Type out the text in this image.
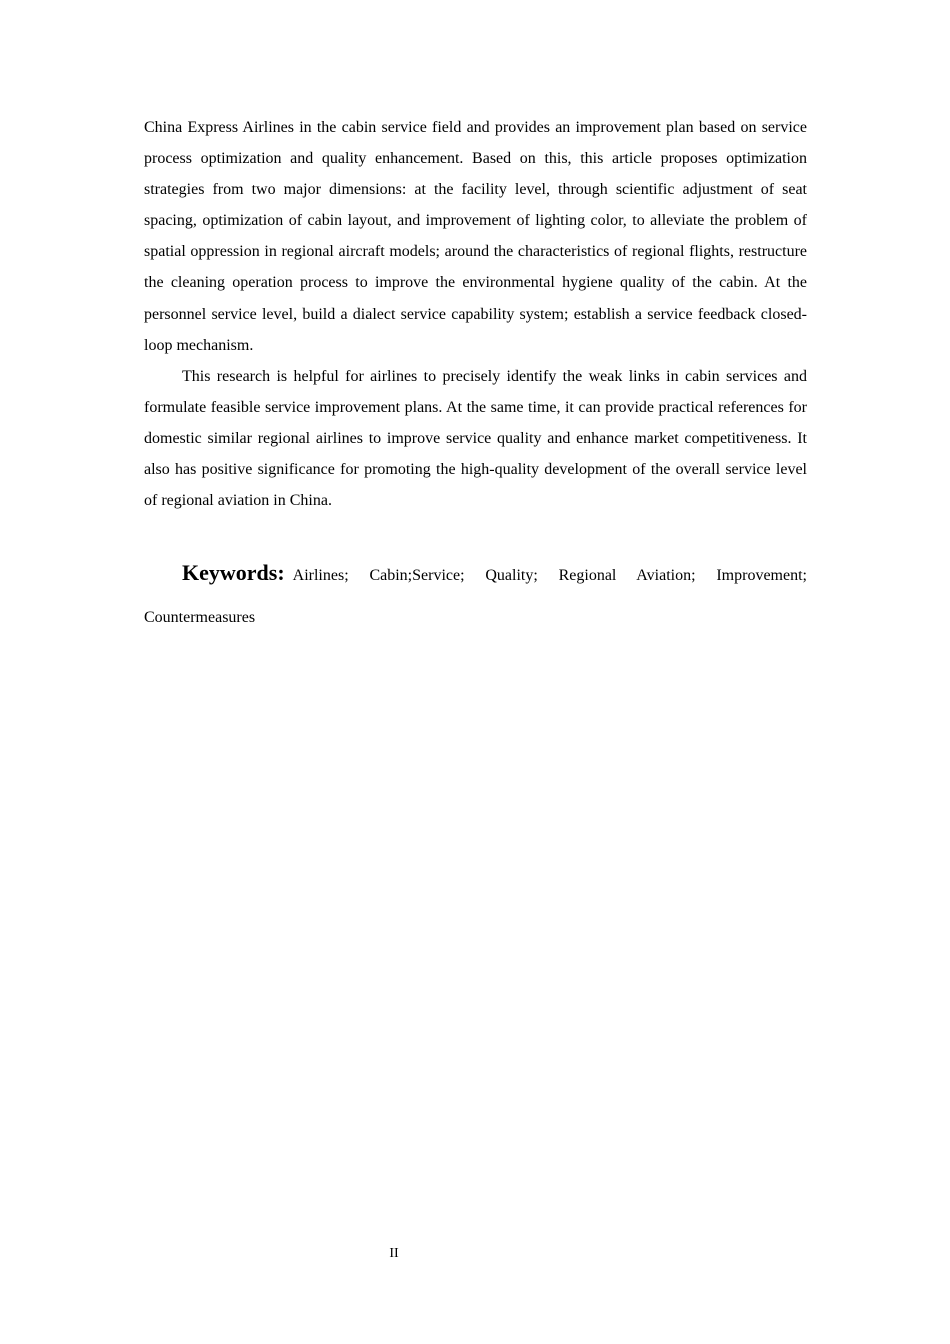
China Express Airlines in the cabin service field and provides an improvement plan based on service process optimization and quality enhancement. Based on this, this article proposes optimization strategies from two major dimensions: at the facility level, through scientific adjustment of seat spacing, optimization of cabin layout, and improvement of lighting color, to alleviate the problem of spatial oppression in regional aircraft models; around the characteristics of regional flights, restructure the cleaning operation process to improve the environmental hygiene quality of the cabin. At the personnel service level, build a dialect service capability system; establish a service feedback closed-loop mechanism.

This research is helpful for airlines to precisely identify the weak links in cabin services and formulate feasible service improvement plans. At the same time, it can provide practical references for domestic similar regional airlines to improve service quality and enhance market competitiveness. It also has positive significance for promoting the high-quality development of the overall service level of regional aviation in China.

Keywords: Airlines; Cabin;Service; Quality; Regional Aviation; Improvement; Countermeasures

II
